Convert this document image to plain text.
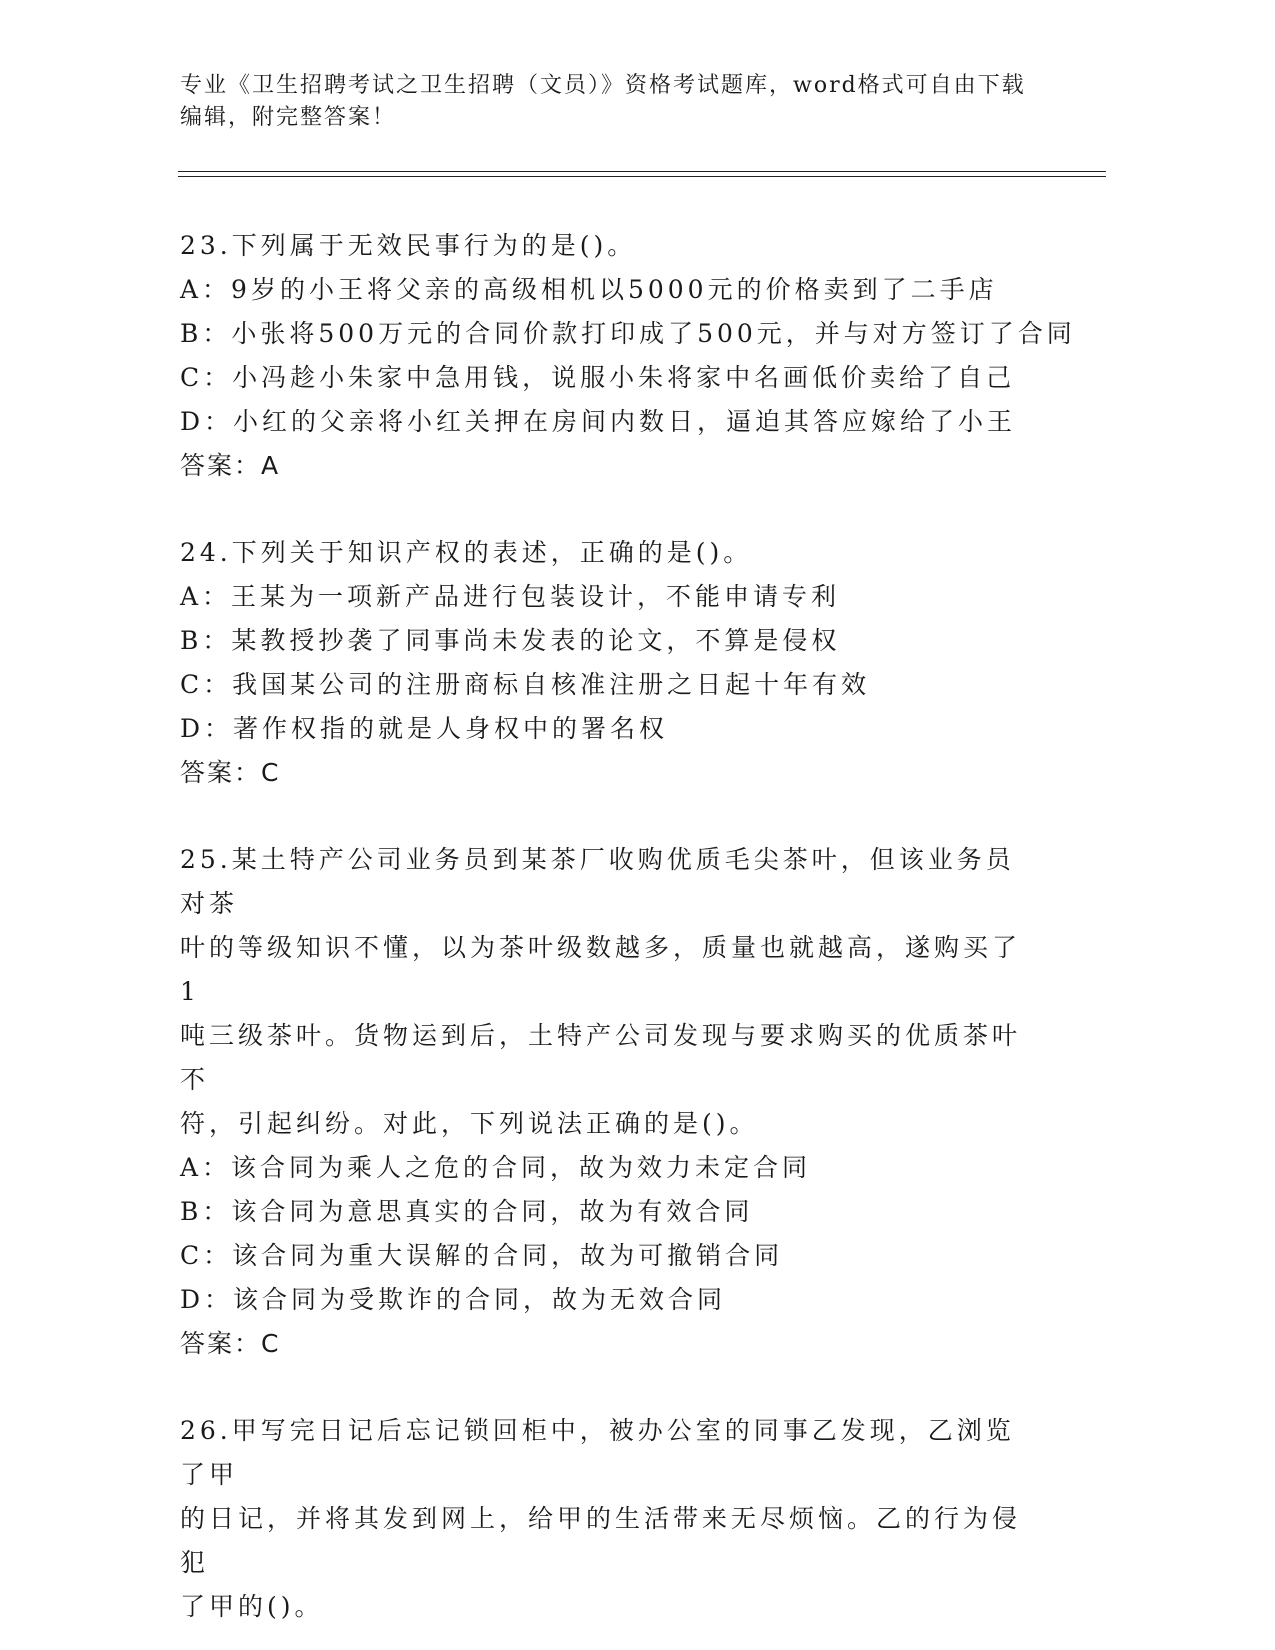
专业《卫生招聘考试之卫生招聘（文员）》资格考试题库，word格式可自由下载
编辑，附完整答案！
23.下列属于无效民事行为的是()。
A：9岁的小王将父亲的高级相机以5000元的价格卖到了二手店
B：小张将500万元的合同价款打印成了500元，并与对方签订了合同
C：小冯趁小朱家中急用钱，说服小朱将家中名画低价卖给了自己
D：小红的父亲将小红关押在房间内数日，逼迫其答应嫁给了小王
答案：A
24.下列关于知识产权的表述，正确的是()。
A：王某为一项新产品进行包装设计，不能申请专利
B：某教授抄袭了同事尚未发表的论文，不算是侵权
C：我国某公司的注册商标自核准注册之日起十年有效
D：著作权指的就是人身权中的署名权
答案：C
25.某土特产公司业务员到某茶厂收购优质毛尖茶叶，但该业务员对茶
叶的等级知识不懂，以为茶叶级数越多，质量也就越高，遂购买了1
吨三级茶叶。货物运到后，土特产公司发现与要求购买的优质茶叶不
符，引起纠纷。对此，下列说法正确的是()。
A：该合同为乘人之危的合同，故为效力未定合同
B：该合同为意思真实的合同，故为有效合同
C：该合同为重大误解的合同，故为可撤销合同
D：该合同为受欺诈的合同，故为无效合同
答案：C
26.甲写完日记后忘记锁回柜中，被办公室的同事乙发现，乙浏览了甲
的日记，并将其发到网上，给甲的生活带来无尽烦恼。乙的行为侵犯
了甲的()。
